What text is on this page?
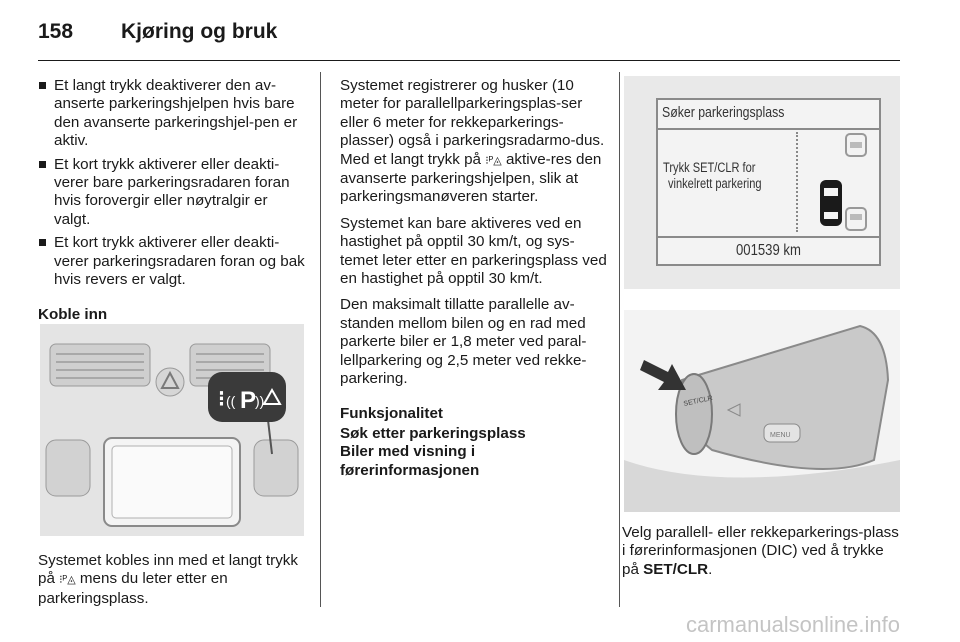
158 Kjøring og bruk
Et langt trykk deaktiverer den av-anserte parkeringshjelpen hvis bare den avanserte parkeringshjel-pen er aktiv.
Et kort trykk aktiverer eller deakti-verer bare parkeringsradaren foran hvis forovergir eller nøytralgir er valgt.
Et kort trykk aktiverer eller deakti-verer parkeringsradaren foran og bak hvis revers er valgt.
Koble inn
⁝ (( P
))
Systemet kobles inn med et langt trykk på ⁝ᴾ◬ mens du leter etter en parkeringsplass.
Systemet registrerer og husker (10 meter for parallellparkeringsplas-ser eller 6 meter for rekkeparkerings-plasser) også i parkeringsradarmo-dus. Med et langt trykk på ⁝ᴾ◬ aktive-res den avanserte parkeringshjelpen, slik at parkeringsmanøveren starter.
Systemet kan bare aktiveres ved en hastighet på opptil 30 km/t, og sys-temet leter etter en parkeringsplass ved en hastighet på opptil 30 km/t.
Den maksimalt tillatte parallelle av-standen mellom bilen og en rad med parkerte biler er 1,8 meter ved paral-lellparkering og 2,5 meter ved rekke-parkering.
Funksjonalitet
Søk etter parkeringsplass
Biler med visning i
førerinformasjonen
Søker parkeringsplass
Trykk SET/CLR for
vinkelrett parkering
001539 km
SET/CLR
MENU
Velg parallell- eller rekkeparkerings-plass i førerinformasjonen (DIC) ved å trykke på SET/CLR.
carmanualsonline.info
